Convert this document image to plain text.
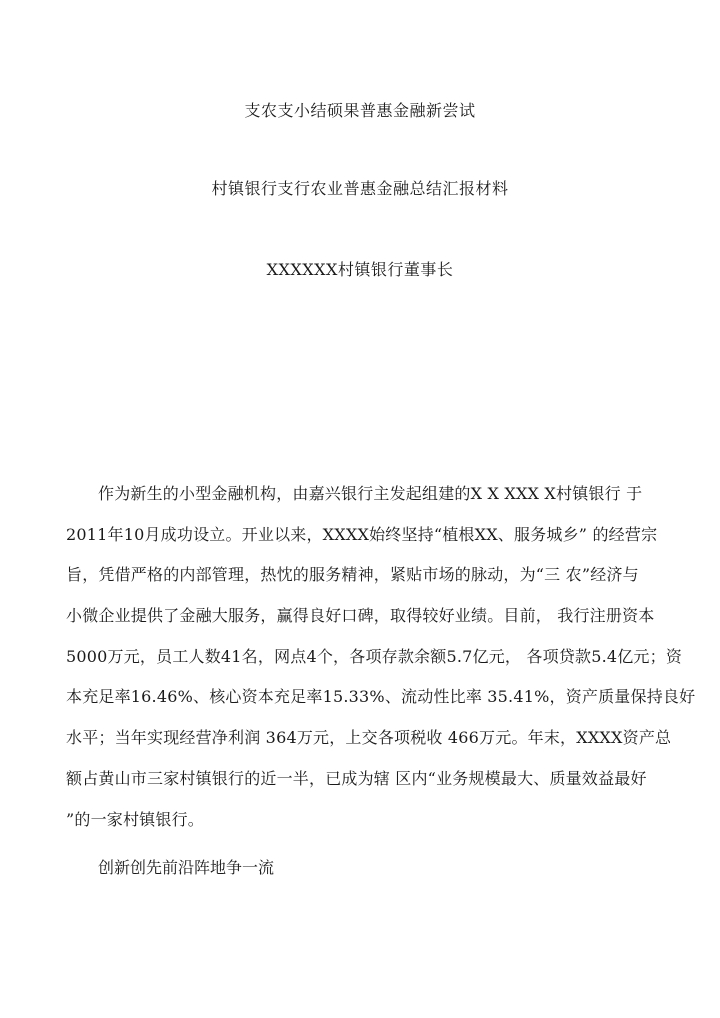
支农支小结硕果普惠金融新尝试
村镇银行支行农业普惠金融总结汇报材料
XXXXXX村镇银行董事长
作为新生的小型金融机构，由嘉兴银行主发起组建的X X XXX X村镇银行 于
2011年10月成功设立。开业以来，XXXX始终坚持“植根XX、服务城乡” 的经营宗
旨，凭借严格的内部管理，热忱的服务精神，紧贴市场的脉动，为“三 农”经济与
小微企业提供了金融大服务，赢得良好口碑，取得较好业绩。目前， 我行注册资本
5000万元，员工人数41名，网点4个，各项存款余额5.7亿元， 各项贷款5.4亿元；资
本充足率16.46%、核心资本充足率15.33%、流动性比率 35.41%，资产质量保持良好
水平；当年实现经营净利润 364万元，上交各项税收 466万元。年末，XXXX资产总
额占黄山市三家村镇银行的近一半，已成为辖 区内“业务规模最大、质量效益最好
”的一家村镇银行。
创新创先前沿阵地争一流
